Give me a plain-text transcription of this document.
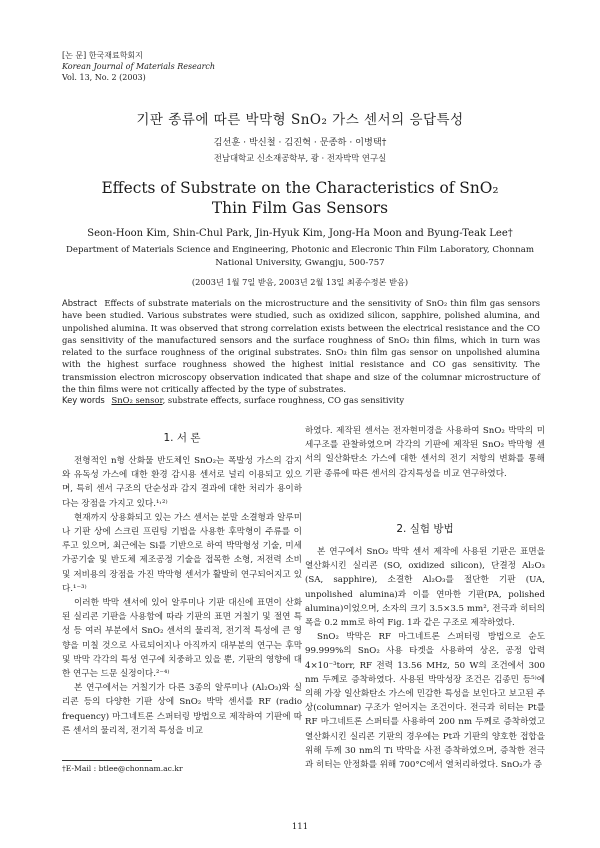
[논 문] 한국재료학회지
Korean Journal of Materials Research
Vol. 13, No. 2 (2003)
기판 종류에 따른 박막형 SnO₂ 가스 센서의 응답특성
김선훈 · 박신철 · 김진혁 · 문종하 · 이병택†
전남대학교 신소재공학부, 광 · 전자박막 연구실
Effects of Substrate on the Characteristics of SnO₂
Thin Film Gas Sensors
Seon-Hoon Kim, Shin-Chul Park, Jin-Hyuk Kim, Jong-Ha Moon and Byung-Teak Lee†
Department of Materials Science and Engineering, Photonic and Elecronic Thin Film Laboratory, Chonnam National University, Gwangju, 500-757
(2003년 1월 7일 받음, 2003년 2월 13일 최종수정본 받음)
Abstract Effects of substrate materials on the microstructure and the sensitivity of SnO₂ thin film gas sensors have been studied. Various substrates were studied, such as oxidized silicon, sapphire, polished alumina, and unpolished alumina. It was observed that strong correlation exists between the electrical resistance and the CO gas sensitivity of the manufactured sensors and the surface roughness of SnO₂ thin films, which in turn was related to the surface roughness of the original substrates. SnO₂ thin film gas sensor on unpolished alumina with the highest surface roughness showed the highest initial resistance and CO gas sensitivity. The transmission electron microscopy observation indicated that shape and size of the columnar microstructure of the thin films were not critically affected by the type of substrates.
Key words SnO₂ sensor, substrate effects, surface roughness, CO gas sensitivity
1. 서 론

전형적인 n형 산화물 반도체인 SnO₂는 폭발성 가스의 감지와 유독성 가스에 대한 환경 감시용 센서로 널리 이용되고 있으며, 특히 센서 구조의 단순성과 감지 결과에 대한 처리가 용이하다는 장점을 가지고 있다.¹˒²⁾

현재까지 상용화되고 있는 가스 센서는 분말 소결형과 알루미나 기판 상에 스크린 프린팅 기법을 사용한 후막형이 주류를 이루고 있으며, 최근에는 Si를 기반으로 하여 박막형성 기술, 미세 가공기술 및 반도체 제조공정 기술을 접목한 소형, 저전력 소비 및 저비용의 장점을 가진 박막형 센서가 활발히 연구되어지고 있다.¹⁻³⁾

이러한 박막 센서에 있어 알루미나 기판 대신에 표면이 산화된 실리콘 기판을 사용함에 따라 기판의 표면 거칠기 및 절연 특성 등 여러 부분에서 SnO₂ 센서의 물리적, 전기적 특성에 큰 영향을 미칠 것으로 사료되어지나 아직까지 대부분의 연구는 후막 및 박막 각각의 특성 연구에 치중하고 있을 뿐, 기판의 영향에 대한 연구는 드문 실정이다.²⁻⁴⁾

본 연구에서는 거칠기가 다른 3종의 알루미나 (Al₂O₃)와 실리콘 등의 다양한 기판 상에 SnO₂ 박막 센서를 RF (radio frequency) 마그네트론 스퍼터링 방법으로 제작하여 기판에 따른 센서의 물리적, 전기적 특성을 비교

하였다. 제작된 센서는 전자현미경을 사용하여 SnO₂ 박막의 미세구조를 관찰하였으며 각각의 기판에 제작된 SnO₂ 박막형 센서의 일산화탄소 가스에 대한 센서의 전기 저항의 변화를 통해 기판 종류에 따른 센서의 감지특성을 비교 연구하였다.

2. 실험 방법

본 연구에서 SnO₂ 박막 센서 제작에 사용된 기판은 표면을 열산화시킨 실리콘 (SO, oxidized silicon), 단결정 Al₂O₃ (SA, sapphire), 소결한 Al₂O₃를 절단한 기판 (UA, unpolished alumina)과 이를 연마한 기판(PA, polished alumina)이었으며, 소자의 크기 3.5×3.5 mm², 전극과 히터의 폭을 0.2 mm로 하여 Fig. 1과 같은 구조로 제작하였다.

SnO₂ 박막은 RF 마그네트론 스퍼터링 방법으로 순도 99.999%의 SnO₂ 사용 타겟을 사용하여 상온, 공정 압력 4×10⁻³torr, RF 전력 13.56 MHz, 50 W의 조건에서 300 nm 두께로 증착하였다. 사용된 박막성장 조건은 김종민 등⁵⁾에 의해 가장 일산화탄소 가스에 민감한 특성을 보인다고 보고된 주상(columnar) 구조가 얻어지는 조건이다. 전극과 히터는 Pt를 RF 마그네트론 스퍼터를 사용하여 200 nm 두께로 증착하였고 열산화시킨 실리콘 기판의 경우에는 Pt과 기판의 양호한 접합을 위해 두께 30 nm의 Ti 박막을 사전 증착하였으며, 증착한 전극과 히터는 안정화를 위해 700°C에서 열처리하였다. SnO₂가 증

†E-Mail : btlee@chonnam.ac.kr
111
